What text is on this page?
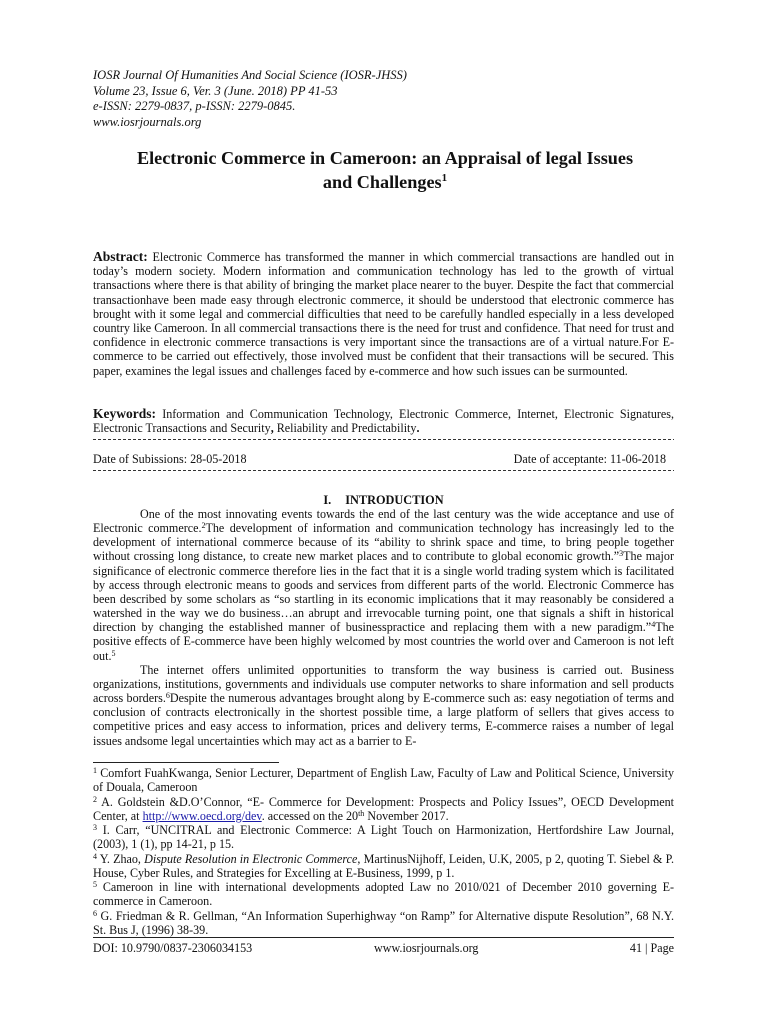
IOSR Journal Of Humanities And Social Science (IOSR-JHSS)
Volume 23, Issue 6, Ver. 3 (June. 2018) PP 41-53
e-ISSN: 2279-0837, p-ISSN: 2279-0845.
www.iosrjournals.org
Electronic Commerce in Cameroon: an Appraisal of legal Issues
and Challenges$^1$
Abstract: Electronic Commerce has transformed the manner in which commercial transactions are handled out in today’s modern society. Modern information and communication technology has led to the growth of virtual transactions where there is that ability of bringing the market place nearer to the buyer. Despite the fact that commercial transactionhave been made easy through electronic commerce, it should be understood that electronic commerce has brought with it some legal and commercial difficulties that need to be carefully handled especially in a less developed country like Cameroon. In all commercial transactions there is the need for trust and confidence. That need for trust and confidence in electronic commerce transactions is very important since the transactions are of a virtual nature.For E-commerce to be carried out effectively, those involved must be confident that their transactions will be secured. This paper, examines the legal issues and challenges faced by e-commerce and how such issues can be surmounted.
Keywords: Information and Communication Technology, Electronic Commerce, Internet, Electronic Signatures, Electronic Transactions and Security, Reliability and Predictability.
Date of Subissions: 28-05-2018	Date of acceptante: 11-06-2018
I. INTRODUCTION

One of the most innovating events towards the end of the last century was the wide acceptance and use of Electronic commerce.$^2$The development of information and communication technology has increasingly led to the development of international commerce because of its “ability to shrink space and time, to bring people together without crossing long distance, to create new market places and to contribute to global economic growth.”$^3$The major significance of electronic commerce therefore lies in the fact that it is a single world trading system which is facilitated by access through electronic means to goods and services from different parts of the world. Electronic Commerce has been described by some scholars as “so startling in its economic implications that it may reasonably be considered a watershed in the way we do business…an abrupt and irrevocable turning point, one that signals a shift in historical direction by changing the established manner of businesspractice and replacing them with a new paradigm.”$^4$The positive effects of E-commerce have been highly welcomed by most countries the world over and Cameroon is not left out.$^5$

The internet offers unlimited opportunities to transform the way business is carried out. Business organizations, institutions, governments and individuals use computer networks to share information and sell products across borders.$^6$Despite the numerous advantages brought along by E-commerce such as: easy negotiation of terms and conclusion of contracts electronically in the shortest possible time, a large platform of sellers that gives access to competitive prices and easy access to information, prices and delivery terms, E-commerce raises a number of legal issues andsome legal uncertainties which may act as a barrier to E-

$^1$ Comfort FuahKwanga, Senior Lecturer, Department of English Law, Faculty of Law and Political Science, University of Douala, Cameroon
$^2$ A. Goldstein &D.O’Connor, “E- Commerce for Development: Prospects and Policy Issues”, OECD Development Center, at http://www.oecd.org/dev. accessed on the 20th November 2017.
$^3$ I. Carr, “UNCITRAL and Electronic Commerce: A Light Touch on Harmonization, Hertfordshire Law Journal, (2003), 1 (1), pp 14-21, p 15.
$^4$ Y. Zhao, Dispute Resolution in Electronic Commerce, MartinusNijhoff, Leiden, U.K, 2005, p 2, quoting T. Siebel & P. House, Cyber Rules, and Strategies for Excelling at E-Business, 1999, p 1.
$^5$ Cameroon in line with international developments adopted Law no 2010/021 of December 2010 governing E-commerce in Cameroon.
$^6$ G. Friedman & R. Gellman, “An Information Superhighway “on Ramp” for Alternative dispute Resolution”, 68 N.Y. St. Bus J, (1996) 38-39.
DOI: 10.9790/0837-2306034153	www.iosrjournals.org	41 | Page
